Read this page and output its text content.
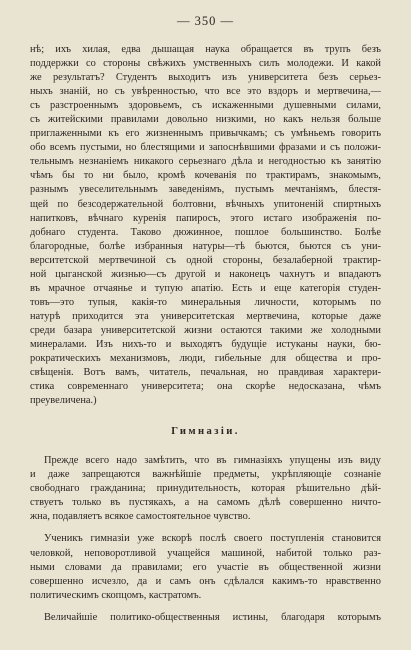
— 350 —
нѣ; ихъ хилая, едва дышащая наука обращается въ трупъ безъ
поддержки со стороны свѣжихъ умственныхъ силъ молодежи. И какой
же результатъ? Студентъ выходитъ изъ университета безъ серьез-
ныхъ знанiй, но съ увѣренностью, что все это вздоръ и мертвечина,—
съ разстроеннымъ здоровьемъ, съ искаженными душевными силами,
съ житейскими правилами довольно низкими, но какъ нельзя больше
приглаженными къ его жизненнымъ привычкамъ; съ умѣньемъ говорить
обо всемъ пустыми, но блестящими и запоснѣвшими фразами и съ положи-
тельнымъ незнанiемъ никакого серьезнаго дѣла и негодностью къ занятiю
чѣмъ бы то ни было, кромѣ кочеванiя по трактирамъ, знакомымъ,
разнымъ увеселительнымъ заведенiямъ, пустымъ мечтанiямъ, блестя-
щей по безсодержательной болтовни, вѣчныхъ упитоненiй спиртныхъ
напитковъ, вѣчнаго куренiя папиросъ, этого истаго изображенiя по-
добнаго студента. Таково дюжинное, пошлое большинство. Болѣе
благородные, болѣе избранныя натуры—тѣ бьются, бьются съ уни-
верситетской мертвечиной съ одной стороны, безалаберной трактир-
ной цыганской жизнью—съ другой и наконецъ чахнутъ и впадаютъ
въ мрачное отчаянье и тупую апатiю. Есть и еще категорiя студен-
товъ—это тупыя, какiя-то минеральныя личности, которымъ по
натурѣ приходится эта университетская мертвечина, которые даже
среди базара университетской жизни остаются такими же холодными
минералами. Изъ нихъ-то и выходятъ будущiе истуканы науки, бю-
рократическихъ механизмовъ, люди, гибельные для общества и про-
свѣщенiя. Вотъ вамъ, читатель, печальная, но правдивая характери-
стика современнаго университета; она скорѣе недосказана, чѣмъ
преувеличена.)
Гимназiи.
Прежде всего надо замѣтить, что въ гимназiяхъ упущены изъ виду
и даже запрещаются важнѣйшiе предметы, укрѣпляющiе сознанiе
свободнаго гражданина; принудительность, которая рѣшительно дѣй-
ствуетъ только въ пустякахъ, а на самомъ дѣлѣ совершенно ничто-
жна, подавляетъ всякое самостоятельное чувство.
Ученикъ гимназiи уже вскорѣ послѣ своего поступленiя становится
человкой, неповоротливой учащейся машиной, набитой только раз-
ными словами да правилами; его участiе въ общественной жизни
совершенно исчезло, да и самъ онъ сдѣлался какимъ-то нравственно
политическимъ скопцомъ, кастратомъ.
Величайшiе политико-общественныя истины, благодаря которымъ
